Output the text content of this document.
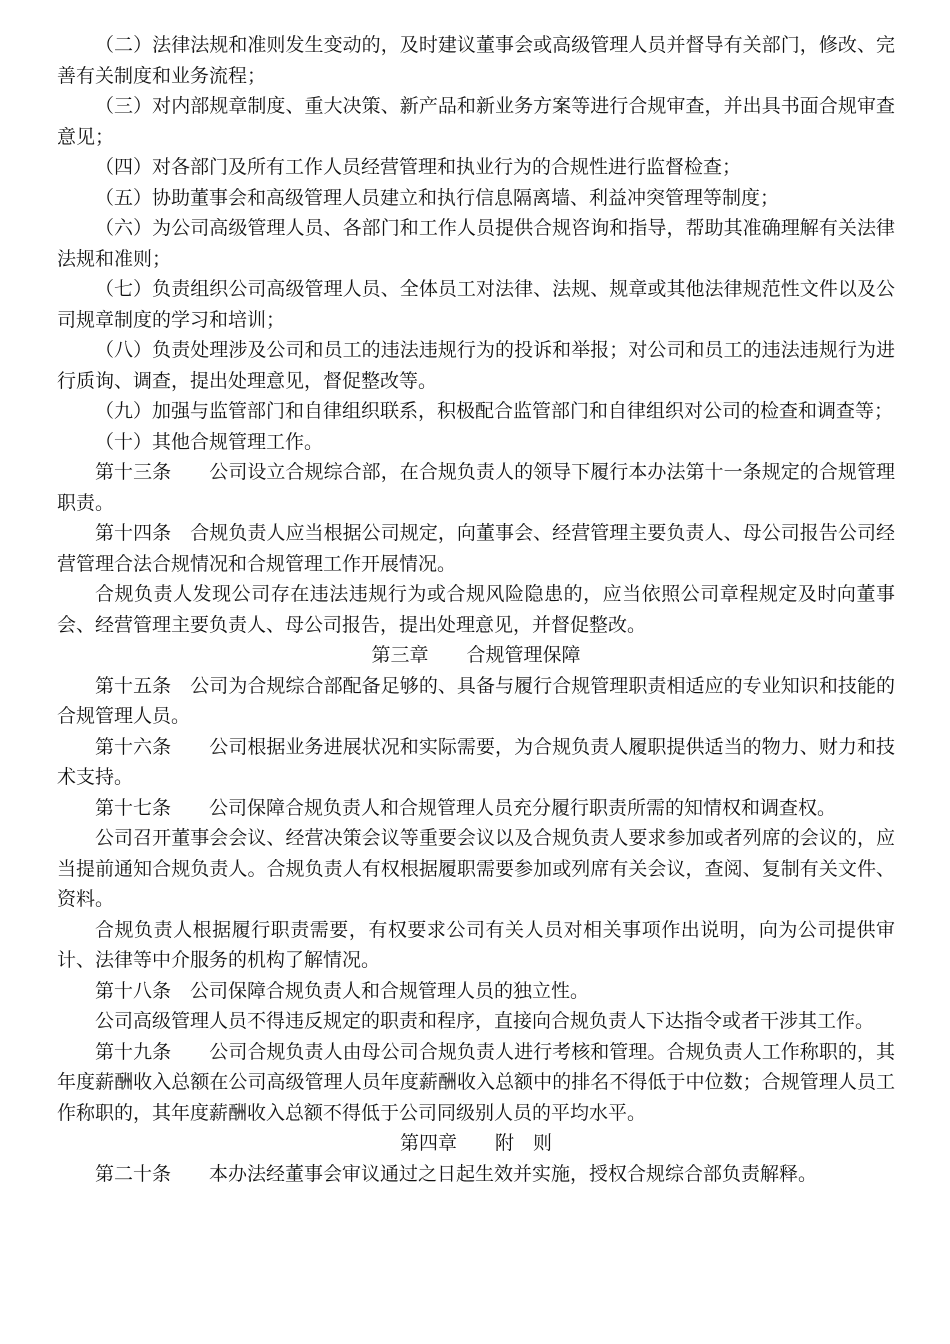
（二）法律法规和准则发生变动的，及时建议董事会或高级管理人员并督导有关部门，修改、完善有关制度和业务流程；

（三）对内部规章制度、重大决策、新产品和新业务方案等进行合规审查，并出具书面合规审查意见；

（四）对各部门及所有工作人员经营管理和执业行为的合规性进行监督检查；

（五）协助董事会和高级管理人员建立和执行信息隔离墙、利益冲突管理等制度；

（六）为公司高级管理人员、各部门和工作人员提供合规咨询和指导，帮助其准确理解有关法律法规和准则；

（七）负责组织公司高级管理人员、全体员工对法律、法规、规章或其他法律规范性文件以及公司规章制度的学习和培训；

（八）负责处理涉及公司和员工的违法违规行为的投诉和举报；对公司和员工的违法违规行为进行质询、调查，提出处理意见，督促整改等。

（九）加强与监管部门和自律组织联系，积极配合监管部门和自律组织对公司的检查和调查等；

（十）其他合规管理工作。

第十三条　　公司设立合规综合部，在合规负责人的领导下履行本办法第十一条规定的合规管理职责。

第十四条　合规负责人应当根据公司规定，向董事会、经营管理主要负责人、母公司报告公司经营管理合法合规情况和合规管理工作开展情况。

合规负责人发现公司存在违法违规行为或合规风险隐患的，应当依照公司章程规定及时向董事会、经营管理主要负责人、母公司报告，提出处理意见，并督促整改。

第三章　　合规管理保障

第十五条　公司为合规综合部配备足够的、具备与履行合规管理职责相适应的专业知识和技能的合规管理人员。

第十六条　　公司根据业务进展状况和实际需要，为合规负责人履职提供适当的物力、财力和技术支持。

第十七条　　公司保障合规负责人和合规管理人员充分履行职责所需的知情权和调查权。

公司召开董事会会议、经营决策会议等重要会议以及合规负责人要求参加或者列席的会议的，应当提前通知合规负责人。合规负责人有权根据履职需要参加或列席有关会议，查阅、复制有关文件、资料。

合规负责人根据履行职责需要，有权要求公司有关人员对相关事项作出说明，向为公司提供审计、法律等中介服务的机构了解情况。

第十八条　公司保障合规负责人和合规管理人员的独立性。

公司高级管理人员不得违反规定的职责和程序，直接向合规负责人下达指令或者干涉其工作。

第十九条　　公司合规负责人由母公司合规负责人进行考核和管理。合规负责人工作称职的，其年度薪酬收入总额在公司高级管理人员年度薪酬收入总额中的排名不得低于中位数；合规管理人员工作称职的，其年度薪酬收入总额不得低于公司同级别人员的平均水平。

第四章　　附　则

第二十条　　本办法经董事会审议通过之日起生效并实施，授权合规综合部负责解释。
